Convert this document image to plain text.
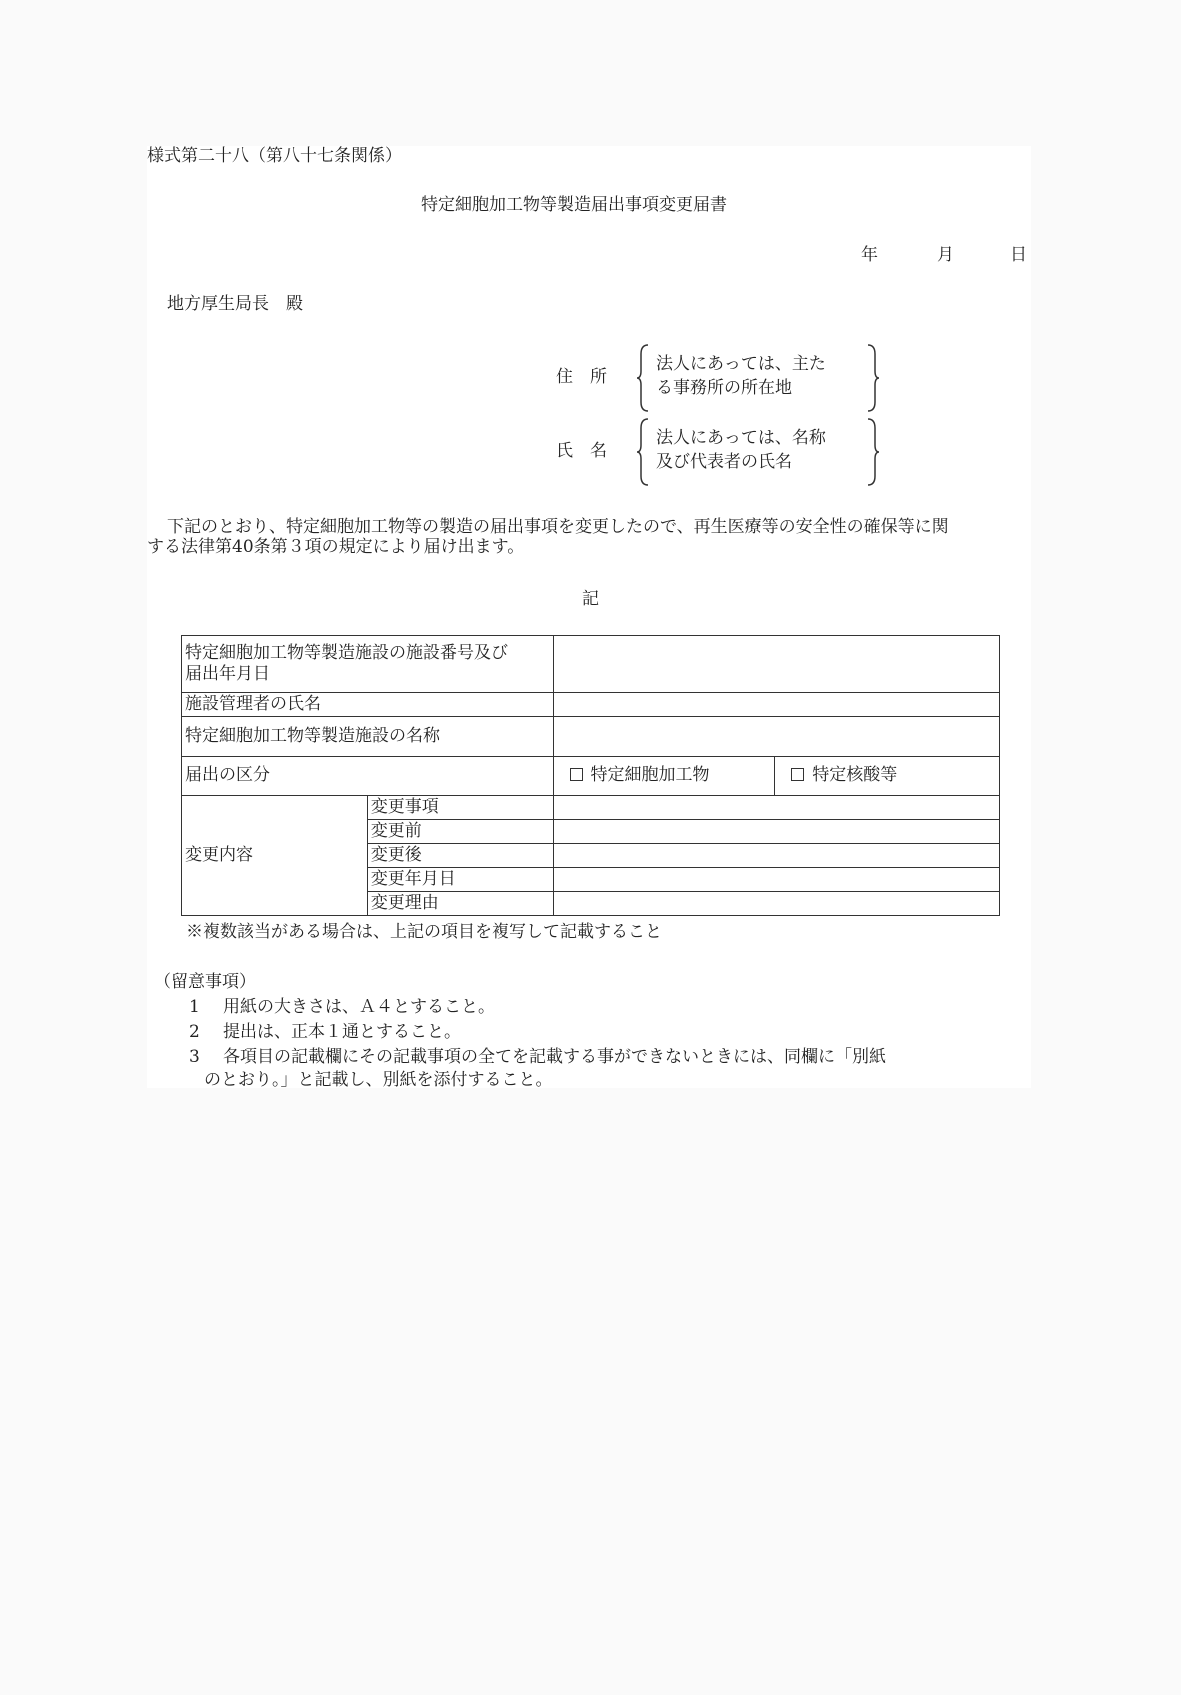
様式第二十八（第八十七条関係）
特定細胞加工物等製造届出事項変更届書
年	月	日
地方厚生局長　殿
住　所
法人にあっては、主た
る事務所の所在地
氏　名
法人にあっては、名称
及び代表者の氏名
下記のとおり、特定細胞加工物等の製造の届出事項を変更したので、再生医療等の安全性の確保等に関
する法律第40条第３項の規定により届け出ます。
記
特定細胞加工物等製造施設の施設番号及び
届出年月日			
施設管理者の氏名			
特定細胞加工物等製造施設の名称			
届出の区分		特定細胞加工物	特定核酸等
変更内容	変更事項		
	変更前		
	変更後		
	変更年月日		
	変更理由		
※複数該当がある場合は、上記の項目を複写して記載すること
（留意事項）
1 用紙の大きさは、Ａ４とすること。
2 提出は、正本１通とすること。
3 各項目の記載欄にその記載事項の全てを記載する事ができないときには、同欄に「別紙
のとおり。」と記載し、別紙を添付すること。
